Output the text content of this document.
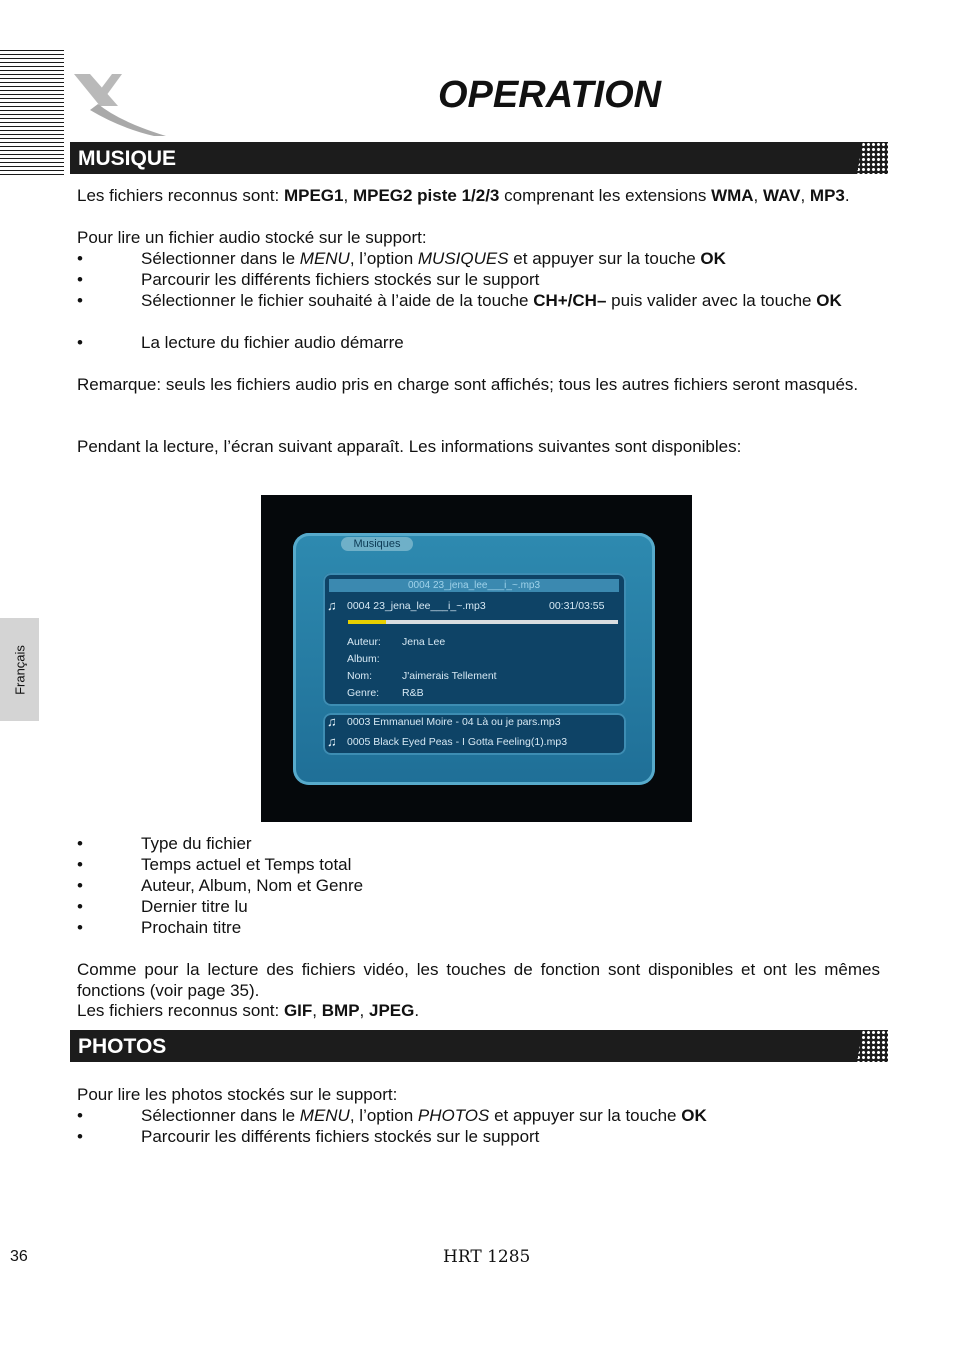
OPERATION
Français
MUSIQUE
Les fichiers reconnus sont: MPEG1, MPEG2 piste 1/2/3 comprenant les extensions WMA, WAV, MP3.
Pour lire un fichier audio stocké sur le support:
•	Sélectionner dans le MENU, l’option MUSIQUES et appuyer sur la touche OK
•	Parcourir les différents fichiers stockés sur le support
•	Sélectionner le fichier souhaité à l’aide de la touche CH+/CH– puis valider avec la touche OK
•	La lecture du fichier audio démarre
Remarque: seuls les fichiers audio pris en charge sont affichés; tous les autres fichiers seront masqués.
Pendant la lecture, l’écran suivant apparaît. Les informations suivantes sont disponibles:
Musiques
0004 23_jena_lee___i_~.mp3
♫ 0004 23_jena_lee___i_~.mp3	00:31/03:55
Auteur: Jena Lee
Album:
Nom:	J'aimerais Tellement
Genre: R&B
♫ 0003 Emmanuel Moire - 04 Là ou je pars.mp3
♫ 0005 Black Eyed Peas - I Gotta Feeling(1).mp3
•	Type du fichier
•	Temps actuel et Temps total
•	Auteur, Album, Nom et Genre
•	Dernier titre lu
•	Prochain titre
Comme pour la lecture des fichiers vidéo, les touches de fonction sont disponibles et ont les mêmes fonctions (voir page 35).
Les fichiers reconnus sont: GIF, BMP, JPEG.
PHOTOS
Pour lire les photos stockés sur le support:
•	Sélectionner dans le MENU, l’option PHOTOS et appuyer sur la touche OK
•	Parcourir les différents fichiers stockés sur le support
36	HRT 1285
